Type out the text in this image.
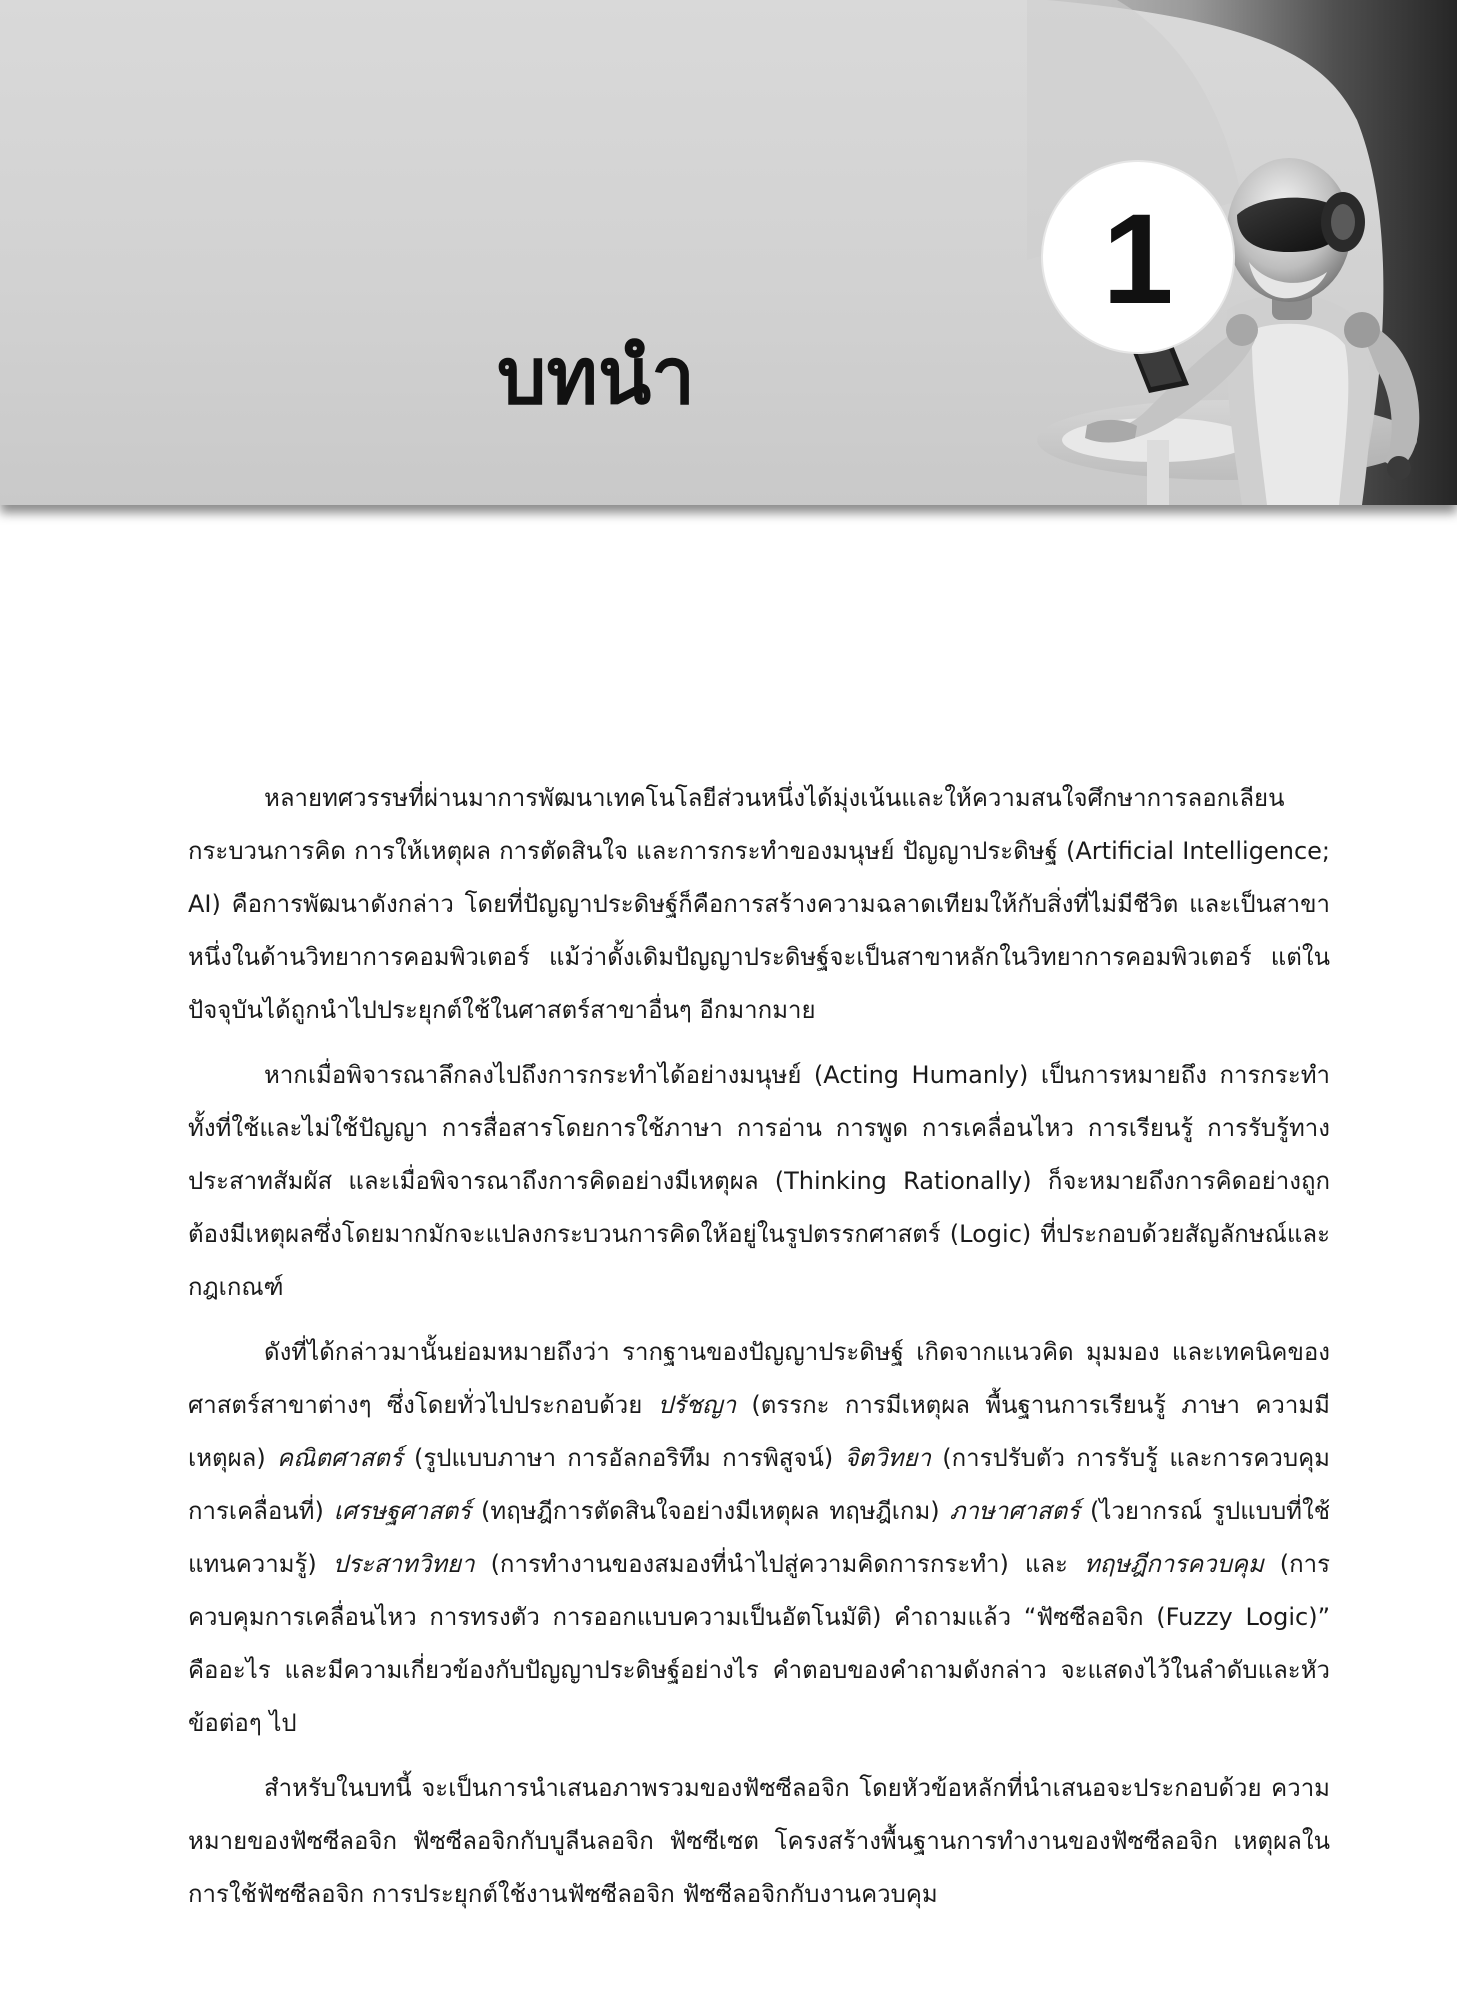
1
บทนำ

หลายทศวรรษที่ผ่านมาการพัฒนาเทคโนโลยีส่วนหนึ่งได้มุ่งเน้นและให้ความสนใจศึกษาการลอกเลียนกระบวนการคิด การให้เหตุผล การตัดสินใจ และการกระทำของมนุษย์ ปัญญาประดิษฐ์ (Artificial Intelligence; AI) คือการพัฒนาดังกล่าว โดยที่ปัญญาประดิษฐ์ก็คือการสร้างความฉลาดเทียมให้กับสิ่งที่ไม่มีชีวิต และเป็นสาขาหนึ่งในด้านวิทยาการคอมพิวเตอร์ แม้ว่าดั้งเดิมปัญญาประดิษฐ์จะเป็นสาขาหลักในวิทยาการคอมพิวเตอร์ แต่ในปัจจุบันได้ถูกนำไปประยุกต์ใช้ในศาสตร์สาขาอื่นๆ อีกมากมาย

หากเมื่อพิจารณาลึกลงไปถึงการกระทำได้อย่างมนุษย์ (Acting Humanly) เป็นการหมายถึง การกระทำทั้งที่ใช้และไม่ใช้ปัญญา การสื่อสารโดยการใช้ภาษา การอ่าน การพูด การเคลื่อนไหว การเรียนรู้ การรับรู้ทางประสาทสัมผัส และเมื่อพิจารณาถึงการคิดอย่างมีเหตุผล (Thinking Rationally) ก็จะหมายถึงการคิดอย่างถูกต้องมีเหตุผลซึ่งโดยมากมักจะแปลงกระบวนการคิดให้อยู่ในรูปตรรกศาสตร์ (Logic) ที่ประกอบด้วยสัญลักษณ์และกฎเกณฑ์

ดังที่ได้กล่าวมานั้นย่อมหมายถึงว่า รากฐานของปัญญาประดิษฐ์ เกิดจากแนวคิด มุมมอง และเทคนิคของศาสตร์สาขาต่างๆ ซึ่งโดยทั่วไปประกอบด้วย ปรัชญา (ตรรกะ การมีเหตุผล พื้นฐานการเรียนรู้ ภาษา ความมีเหตุผล) คณิตศาสตร์ (รูปแบบภาษา การอัลกอริทึม การพิสูจน์) จิตวิทยา (การปรับตัว การรับรู้ และการควบคุมการเคลื่อนที่) เศรษฐศาสตร์ (ทฤษฎีการตัดสินใจอย่างมีเหตุผล ทฤษฎีเกม) ภาษาศาสตร์ (ไวยากรณ์ รูปแบบที่ใช้แทนความรู้) ประสาทวิทยา (การทำงานของสมองที่นำไปสู่ความคิดการกระทำ) และ ทฤษฎีการควบคุม (การควบคุมการเคลื่อนไหว การทรงตัว การออกแบบความเป็นอัตโนมัติ) คำถามแล้ว “ฟัซซีลอจิก (Fuzzy Logic)” คืออะไร และมีความเกี่ยวข้องกับปัญญาประดิษฐ์อย่างไร คำตอบของคำถามดังกล่าว จะแสดงไว้ในลำดับและหัวข้อต่อๆ ไป

สำหรับในบทนี้ จะเป็นการนำเสนอภาพรวมของฟัซซีลอจิก โดยหัวข้อหลักที่นำเสนอจะประกอบด้วย ความหมายของฟัซซีลอจิก ฟัซซีลอจิกกับบูลีนลอจิก ฟัซซีเซต โครงสร้างพื้นฐานการทำงานของฟัซซีลอจิก เหตุผลในการใช้ฟัซซีลอจิก การประยุกต์ใช้งานฟัซซีลอจิก ฟัซซีลอจิกกับงานควบคุม
